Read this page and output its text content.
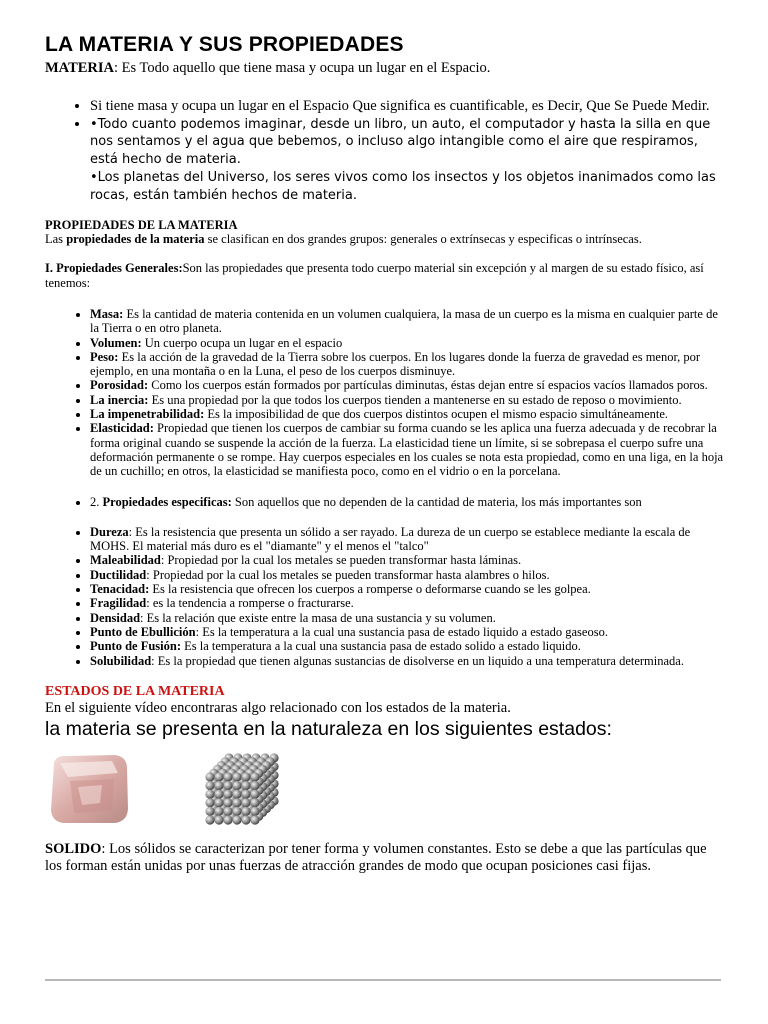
LA MATERIA Y SUS PROPIEDADES

MATERIA: Es Todo aquello que tiene masa y ocupa un lugar en el Espacio.

• Si tiene masa y ocupa un lugar en el Espacio Que significa es cuantificable, es Decir, Que Se Puede Medir.
• •Todo cuanto podemos imaginar, desde un libro, un auto, el computador y hasta la silla en que nos sentamos y el agua que bebemos, o incluso algo intangible como el aire que respiramos, está hecho de materia.
•Los planetas del Universo, los seres vivos como los insectos y los objetos inanimados como las rocas, están también hechos de materia.

PROPIEDADES DE LA MATERIA

Las propiedades de la materia se clasifican en dos grandes grupos: generales o extrínsecas y especificas o intrínsecas.

I. Propiedades Generales:Son las propiedades que presenta todo cuerpo material sin excepción y al margen de su estado físico, así tenemos:

• Masa: Es la cantidad de materia contenida en un volumen cualquiera, la masa de un cuerpo es la misma en cualquier parte de la Tierra o en otro planeta.
• Volumen: Un cuerpo ocupa un lugar en el espacio
• Peso: Es la acción de la gravedad de la Tierra sobre los cuerpos. En los lugares donde la fuerza de gravedad es menor, por ejemplo, en una montaña o en la Luna, el peso de los cuerpos disminuye.
• Porosidad: Como los cuerpos están formados por partículas diminutas, éstas dejan entre sí espacios vacíos llamados poros.
• La inercia: Es una propiedad por la que todos los cuerpos tienden a mantenerse en su estado de reposo o movimiento.
• La impenetrabilidad: Es la imposibilidad de que dos cuerpos distintos ocupen el mismo espacio simultáneamente.
• Elasticidad: Propiedad que tienen los cuerpos de cambiar su forma cuando se les aplica una fuerza adecuada y de recobrar la forma original cuando se suspende la acción de la fuerza. La elasticidad tiene un límite, si se sobrepasa el cuerpo sufre una deformación permanente o se rompe. Hay cuerpos especiales en los cuales se nota esta propiedad, como en una liga, en la hoja de un cuchillo; en otros, la elasticidad se manifiesta poco, como en el vidrio o en la porcelana.
• 2. Propiedades especificas: Son aquellos que no dependen de la cantidad de materia, los más importantes son
• Dureza: Es la resistencia que presenta un sólido a ser rayado. La dureza de un cuerpo se establece mediante la escala de MOHS. El material más duro es el "diamante" y el menos el "talco"
• Maleabilidad: Propiedad por la cual los metales se pueden transformar hasta láminas.
• Ductilidad: Propiedad por la cual los metales se pueden transformar hasta alambres o hilos.
• Tenacidad: Es la resistencia que ofrecen los cuerpos a romperse o deformarse cuando se les golpea.
• Fragilidad: es la tendencia a romperse o fracturarse.
• Densidad: Es la relación que existe entre la masa de una sustancia y su volumen.
• Punto de Ebullición: Es la temperatura a la cual una sustancia pasa de estado liquido a estado gaseoso.
• Punto de Fusión: Es la temperatura a la cual una sustancia pasa de estado solido a estado liquido.
• Solubilidad: Es la propiedad que tienen algunas sustancias de disolverse en un liquido a una temperatura determinada.

ESTADOS DE LA MATERIA

En el siguiente vídeo encontraras algo relacionado con los estados de la materia.

la materia se presenta en la naturaleza en los siguientes estados:

SOLIDO: Los sólidos se caracterizan por tener forma y volumen constantes. Esto se debe a que las partículas que los forman están unidas por unas fuerzas de atracción grandes de modo que ocupan posiciones casi fijas.
